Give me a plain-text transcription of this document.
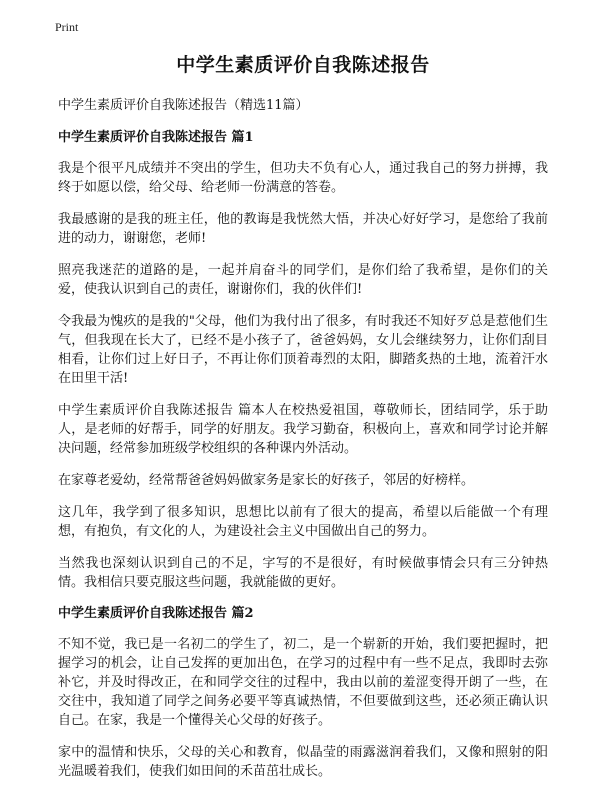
Print
中学生素质评价自我陈述报告
中学生素质评价自我陈述报告（精选11篇）
中学生素质评价自我陈述报告 篇1

我是个很平凡成绩并不突出的学生，但功夫不负有心人，通过我自己的努力拼搏，我终于如愿以偿，给父母、给老师一份满意的答卷。

我最感谢的是我的班主任，他的教诲是我恍然大悟，并决心好好学习，是您给了我前进的动力，谢谢您，老师!

照亮我迷茫的道路的是，一起并肩奋斗的同学们，是你们给了我希望，是你们的关爱，使我认识到自己的责任，谢谢你们，我的伙伴们!

令我最为愧疚的是我的"父母，他们为我付出了很多，有时我还不知好歹总是惹他们生气，但我现在长大了，已经不是小孩子了，爸爸妈妈，女儿会继续努力，让你们刮目相看，让你们过上好日子，不再让你们顶着毒烈的太阳，脚踏炙热的土地，流着汗水在田里干活!

中学生素质评价自我陈述报告 篇本人在校热爱祖国，尊敬师长，团结同学，乐于助人，是老师的好帮手，同学的好朋友。我学习勤奋，积极向上，喜欢和同学讨论并解决问题，经常参加班级学校组织的各种课内外活动。

在家尊老爱幼，经常帮爸爸妈妈做家务是家长的好孩子，邻居的好榜样。

这几年，我学到了很多知识，思想比以前有了很大的提高，希望以后能做一个有理想，有抱负，有文化的人，为建设社会主义中国做出自己的努力。

当然我也深刻认识到自己的不足，字写的不是很好，有时候做事情会只有三分钟热情。我相信只要克服这些问题，我就能做的更好。

中学生素质评价自我陈述报告 篇2

不知不觉，我已是一名初二的学生了，初二，是一个崭新的开始，我们要把握时，把握学习的机会，让自己发挥的更加出色，在学习的过程中有一些不足点，我即时去弥补它，并及时得改正，在和同学交往的过程中，我由以前的羞涩变得开朗了一些，在交往中，我知道了同学之间务必要平等真诚热情，不但要做到这些，还必须正确认识自己。在家，我是一个懂得关心父母的好孩子。

家中的温情和快乐，父母的关心和教育，似晶莹的雨露滋润着我们，又像和照射的阳光温暖着我们，使我们如田间的禾苗茁壮成长。
